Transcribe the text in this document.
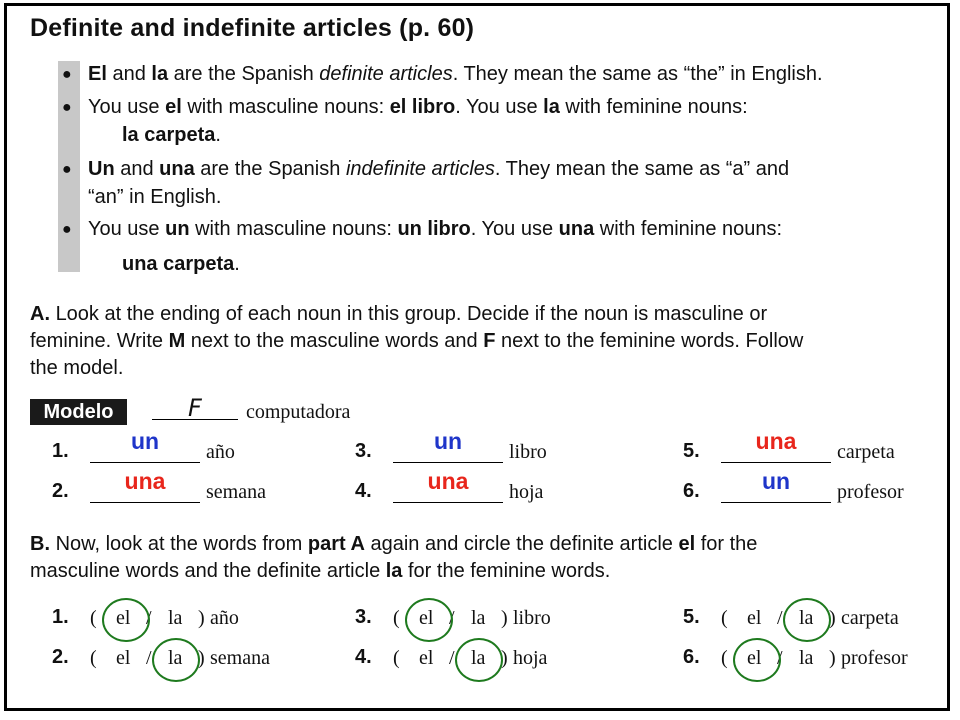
Definite and indefinite articles (p. 60)
● El and la are the Spanish definite articles. They mean the same as “the” in English.
● You use el with masculine nouns: el libro. You use la with feminine nouns:
la carpeta.
● Un and una are the Spanish indefinite articles. They mean the same as “a” and
“an” in English.
● You use un with masculine nouns: un libro. You use una with feminine nouns:
una carpeta.
A. Look at the ending of each noun in this group. Decide if the noun is masculine or
feminine. Write M next to the masculine words and F next to the feminine words. Follow
the model.
Modelo	F computadora
1.	un	año
2.	una	semana
3.	un	libro
4.	una	hoja
5.	una	carpeta
6.	un	profesor
B. Now, look at the words from part A again and circle the definite article el for the
masculine words and the definite article la for the feminine words.
1. ( el / la ) año
2. ( el / la ) semana
3. ( el / la ) libro
4. ( el / la ) hoja
5. ( el / la ) carpeta
6. ( el / la ) profesor
